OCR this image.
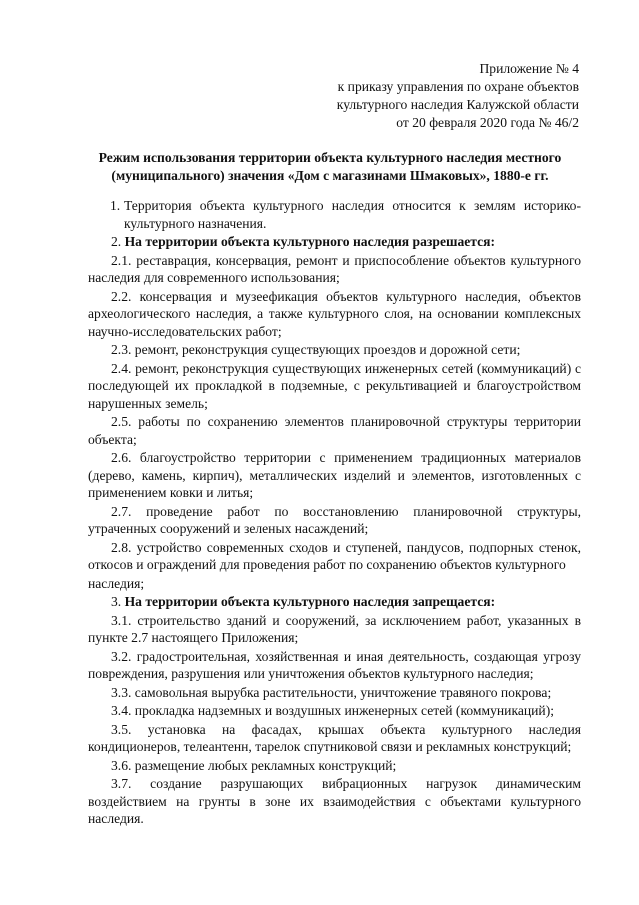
Приложение № 4
к приказу управления по охране объектов
культурного наследия Калужской области
от 20 февраля 2020 года № 46/2
Режим использования территории объекта культурного наследия местного
(муниципального) значения «Дом с магазинами Шмаковых», 1880-е гг.

1. Территория объекта культурного наследия относится к землям историко-культурного назначения.

2. На территории объекта культурного наследия разрешается:

2.1. реставрация, консервация, ремонт и приспособление объектов культурного наследия для современного использования;

2.2. консервация и музеефикация объектов культурного наследия, объектов археологического наследия, а также культурного слоя, на основании комплексных научно-исследовательских работ;

2.3. ремонт, реконструкция существующих проездов и дорожной сети;

2.4. ремонт, реконструкция существующих инженерных сетей (коммуникаций) с последующей их прокладкой в подземные, с рекультивацией и благоустройством нарушенных земель;

2.5. работы по сохранению элементов планировочной структуры территории объекта;

2.6. благоустройство территории с применением традиционных материалов (дерево, камень, кирпич), металлических изделий и элементов, изготовленных с применением ковки и литья;

2.7. проведение работ по восстановлению планировочной структуры, утраченных сооружений и зеленых насаждений;

2.8. устройство современных сходов и ступеней, пандусов, подпорных стенок, откосов и ограждений для проведения работ по сохранению объектов культурного

наследия;

3. На территории объекта культурного наследия запрещается:

3.1. строительство зданий и сооружений, за исключением работ, указанных в пункте 2.7 настоящего Приложения;

3.2. градостроительная, хозяйственная и иная деятельность, создающая угрозу повреждения, разрушения или уничтожения объектов культурного наследия;

3.3. самовольная вырубка растительности, уничтожение травяного покрова;

3.4. прокладка надземных и воздушных инженерных сетей (коммуникаций);

3.5. установка на фасадах, крышах объекта культурного наследия кондиционеров, телеантенн, тарелок спутниковой связи и рекламных конструкций;

3.6. размещение любых рекламных конструкций;

3.7. создание разрушающих вибрационных нагрузок динамическим воздействием на грунты в зоне их взаимодействия с объектами культурного наследия.
